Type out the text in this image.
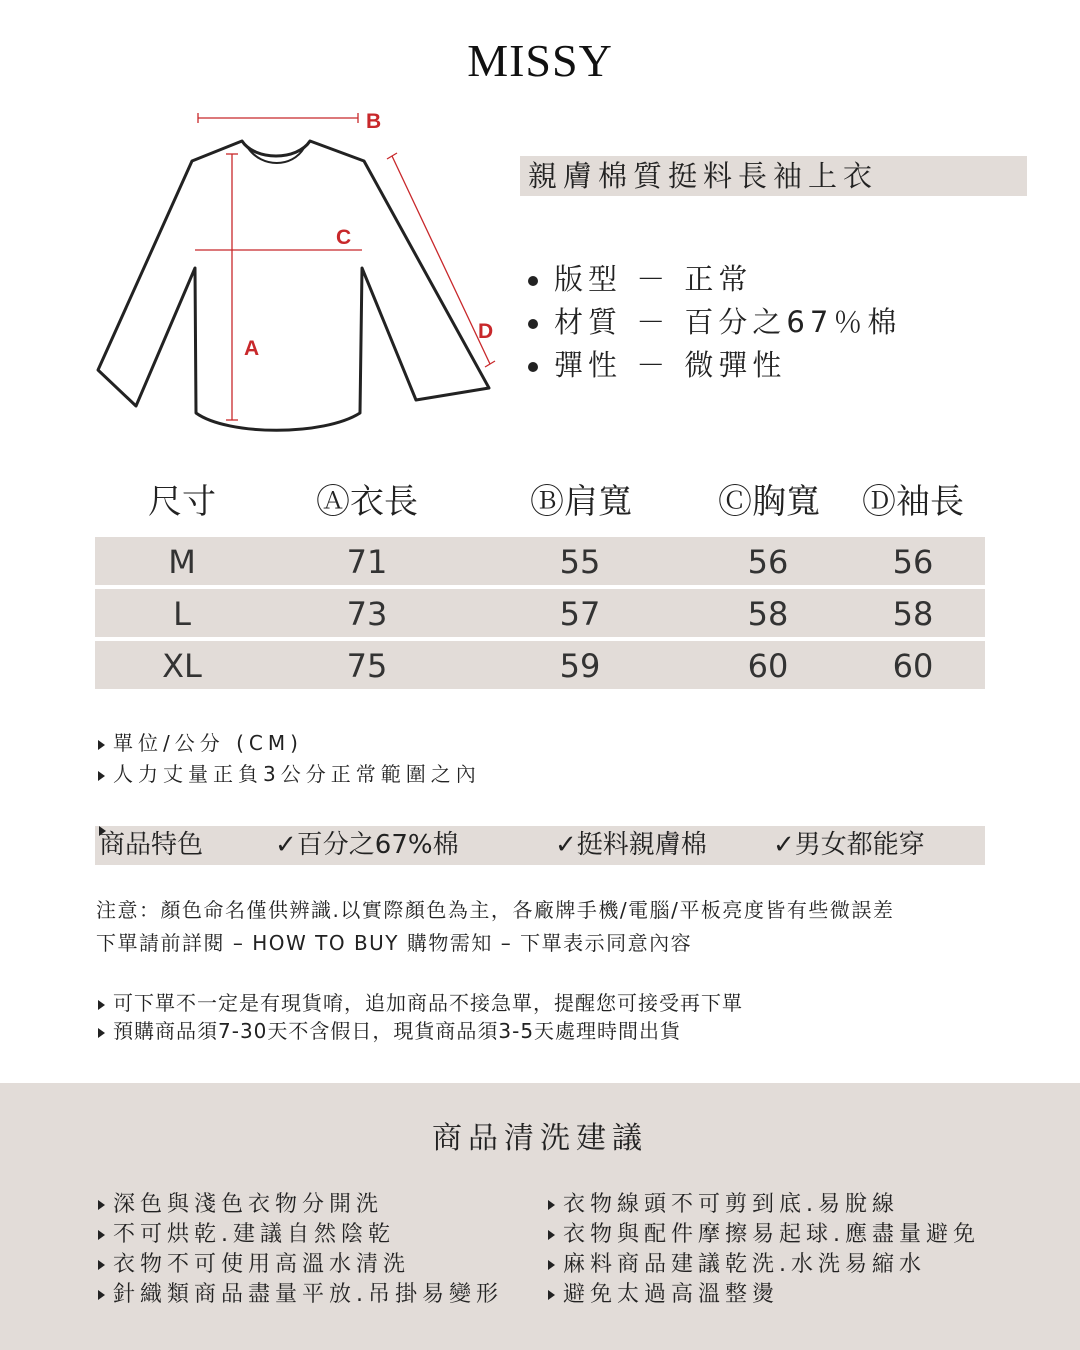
MISSY
B
C
A
D
親膚棉質挺料長袖上衣
版型 － 正常
材質 － 百分之67％棉
彈性 － 微彈性
尺寸	Ⓐ衣長	Ⓑ肩寬	Ⓒ胸寬 Ⓓ袖長
M	71	55	56	56
L	73	57	58	58
XL	75	59	60	60
單位/公分 (CM)
人力丈量正負3公分正常範圍之內
商品特色	✓百分之67%棉	✓挺料親膚棉	✓男女都能穿
注意：顏色命名僅供辨識.以實際顏色為主，各廠牌手機/電腦/平板亮度皆有些微誤差
下單請前詳閱 – HOW TO BUY 購物需知 – 下單表示同意內容
可下單不一定是有現貨唷，追加商品不接急單，提醒您可接受再下單
預購商品須7-30天不含假日，現貨商品須3-5天處理時間出貨
商品清洗建議
深色與淺色衣物分開洗
不可烘乾.建議自然陰乾
衣物不可使用高溫水清洗
針織類商品盡量平放.吊掛易變形
衣物線頭不可剪到底.易脫線
衣物與配件摩擦易起球.應盡量避免
麻料商品建議乾洗.水洗易縮水
避免太過高溫整燙
